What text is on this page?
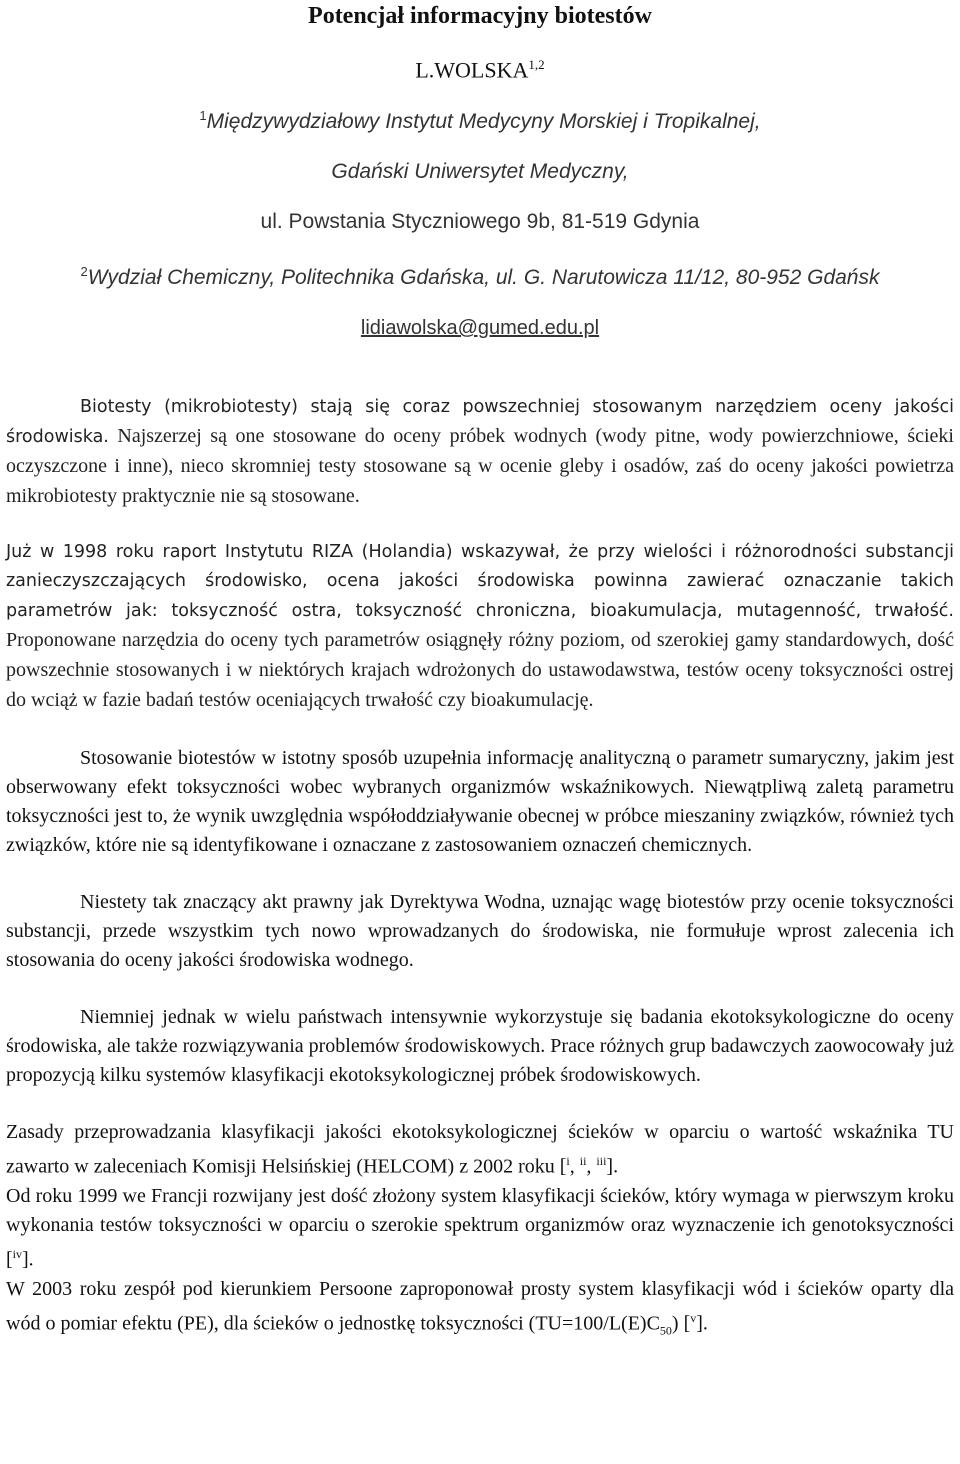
Potencjał informacyjny biotestów
L.WOLSKA$^{1,2}$
$^1$Międzywydziałowy Instytut Medycyny Morskiej i Tropikalnej,
Gdański Uniwersytet Medyczny,
ul. Powstania Styczniowego 9b, 81-519 Gdynia
$^2$Wydział Chemiczny, Politechnika Gdańska, ul. G. Narutowicza 11/12, 80-952 Gdańsk
lidiawolska@gumed.edu.pl

Biotesty (mikrobiotesty) stają się coraz powszechniej stosowanym narzędziem oceny jakości środowiska. Najszerzej są one stosowane do oceny próbek wodnych (wody pitne, wody powierzchniowe, ścieki oczyszczone i inne), nieco skromniej testy stosowane są w ocenie gleby i osadów, zaś do oceny jakości powietrza mikrobiotesty praktycznie nie są stosowane.

Już w 1998 roku raport Instytutu RIZA (Holandia) wskazywał, że przy wielości i różnorodności substancji zanieczyszczających środowisko, ocena jakości środowiska powinna zawierać oznaczanie takich parametrów jak: toksyczność ostra, toksyczność chroniczna, bioakumulacja, mutagenność, trwałość. Proponowane narzędzia do oceny tych parametrów osiągnęły różny poziom, od szerokiej gamy standardowych, dość powszechnie stosowanych i w niektórych krajach wdrożonych do ustawodawstwa, testów oceny toksyczności ostrej do wciąż w fazie badań testów oceniających trwałość czy bioakumulację.

Stosowanie biotestów w istotny sposób uzupełnia informację analityczną o parametr sumaryczny, jakim jest obserwowany efekt toksyczności wobec wybranych organizmów wskaźnikowych. Niewątpliwą zaletą parametru toksyczności jest to, że wynik uwzględnia współoddziaływanie obecnej w próbce mieszaniny związków, również tych związków, które nie są identyfikowane i oznaczane z zastosowaniem oznaczeń chemicznych.

Niestety tak znaczący akt prawny jak Dyrektywa Wodna, uznając wagę biotestów przy ocenie toksyczności substancji, przede wszystkim tych nowo wprowadzanych do środowiska, nie formułuje wprost zalecenia ich stosowania do oceny jakości środowiska wodnego.

Niemniej jednak w wielu państwach intensywnie wykorzystuje się badania ekotoksykologiczne do oceny środowiska, ale także rozwiązywania problemów środowiskowych. Prace różnych grup badawczych zaowocowały już propozycją kilku systemów klasyfikacji ekotoksykologicznej próbek środowiskowych.

Zasady przeprowadzania klasyfikacji jakości ekotoksykologicznej ścieków w oparciu o wartość wskaźnika TU zawarto w zaleceniach Komisji Helsińskiej (HELCOM) z 2002 roku [$^i$, $^{ii}$, $^{iii}$].

Od roku 1999 we Francji rozwijany jest dość złożony system klasyfikacji ścieków, który wymaga w pierwszym kroku wykonania testów toksyczności w oparciu o szerokie spektrum organizmów oraz wyznaczenie ich genotoksyczności [$^{iv}$].

W 2003 roku zespół pod kierunkiem Persoone zaproponował prosty system klasyfikacji wód i ścieków oparty dla wód o pomiar efektu (PE), dla ścieków o jednostkę toksyczności $(TU=100/L(E)C_{50})$ [$^v$].
